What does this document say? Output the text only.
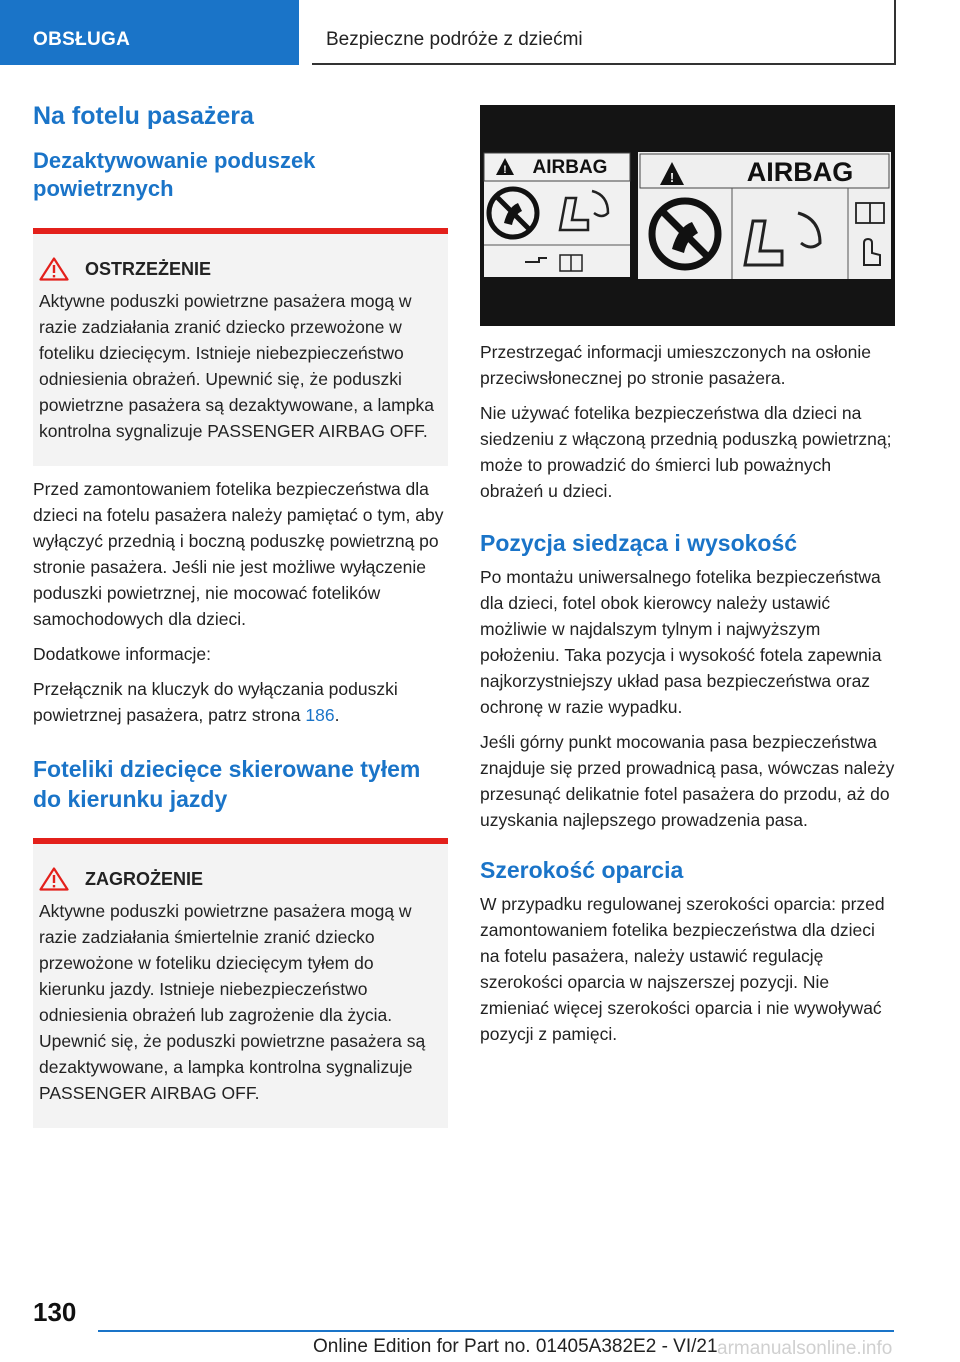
OBSŁUGA	Bezpieczne podróże z dziećmi
Na fotelu pasażera
Dezaktywowanie poduszek powietrznych
OSTRZEŻENIE

Aktywne poduszki powietrzne pasażera mogą w razie zadziałania zranić dziecko przewożone w foteliku dziecięcym. Istnieje niebezpieczeństwo odniesienia obrażeń. Upewnić się, że poduszki powietrzne pasażera są dezaktywowane, a lampka kontrolna sygnalizuje PASSENGER AIRBAG OFF.

Przed zamontowaniem fotelika bezpieczeństwa dla dzieci na fotelu pasażera należy pamiętać o tym, aby wyłączyć przednią i boczną poduszkę powietrzną po stronie pasażera. Jeśli nie jest możliwe wyłączenie poduszki powietrznej, nie mocować fotelików samochodowych dla dzieci.

Dodatkowe informacje:

Przełącznik na kluczyk do wyłączania poduszki powietrznej pasażera, patrz strona 186.

Foteliki dziecięce skierowane tyłem do kierunku jazdy
ZAGROŻENIE

Aktywne poduszki powietrzne pasażera mogą w razie zadziałania śmiertelnie zranić dziecko przewożone w foteliku dziecięcym tyłem do kierunku jazdy. Istnieje niebezpieczeństwo odniesienia obrażeń lub zagrożenie dla życia. Upewnić się, że poduszki powietrzne pasażera są dezaktywowane, a lampka kontrolna sygnalizuje PASSENGER AIRBAG OFF.

! AIRBAG	!	AIRBAG

Przestrzegać informacji umieszczonych na osłonie przeciwsłonecznej po stronie pasażera.

Nie używać fotelika bezpieczeństwa dla dzieci na siedzeniu z włączoną przednią poduszką powietrzną; może to prowadzić do śmierci lub poważnych obrażeń u dzieci.

Pozycja siedząca i wysokość

Po montażu uniwersalnego fotelika bezpieczeństwa dla dzieci, fotel obok kierowcy należy ustawić możliwie w najdalszym tylnym i najwyższym położeniu. Taka pozycja i wysokość fotela zapewnia najkorzystniejszy układ pasa bezpieczeństwa oraz ochronę w razie wypadku.

Jeśli górny punkt mocowania pasa bezpieczeństwa znajduje się przed prowadnicą pasa, wówczas należy przesunąć delikatnie fotel pasażera do przodu, aż do uzyskania najlepszego prowadzenia pasa.

Szerokość oparcia

W przypadku regulowanej szerokości oparcia: przed zamontowaniem fotelika bezpieczeństwa dla dzieci na fotelu pasażera, należy ustawić regulację szerokości oparcia w najszerszej pozycji. Nie zmieniać więcej szerokości oparcia i nie wywoływać pozycji z pamięci.

130
Online Edition for Part no. 01405A382E2 - VI/21 armanualsonline.info
